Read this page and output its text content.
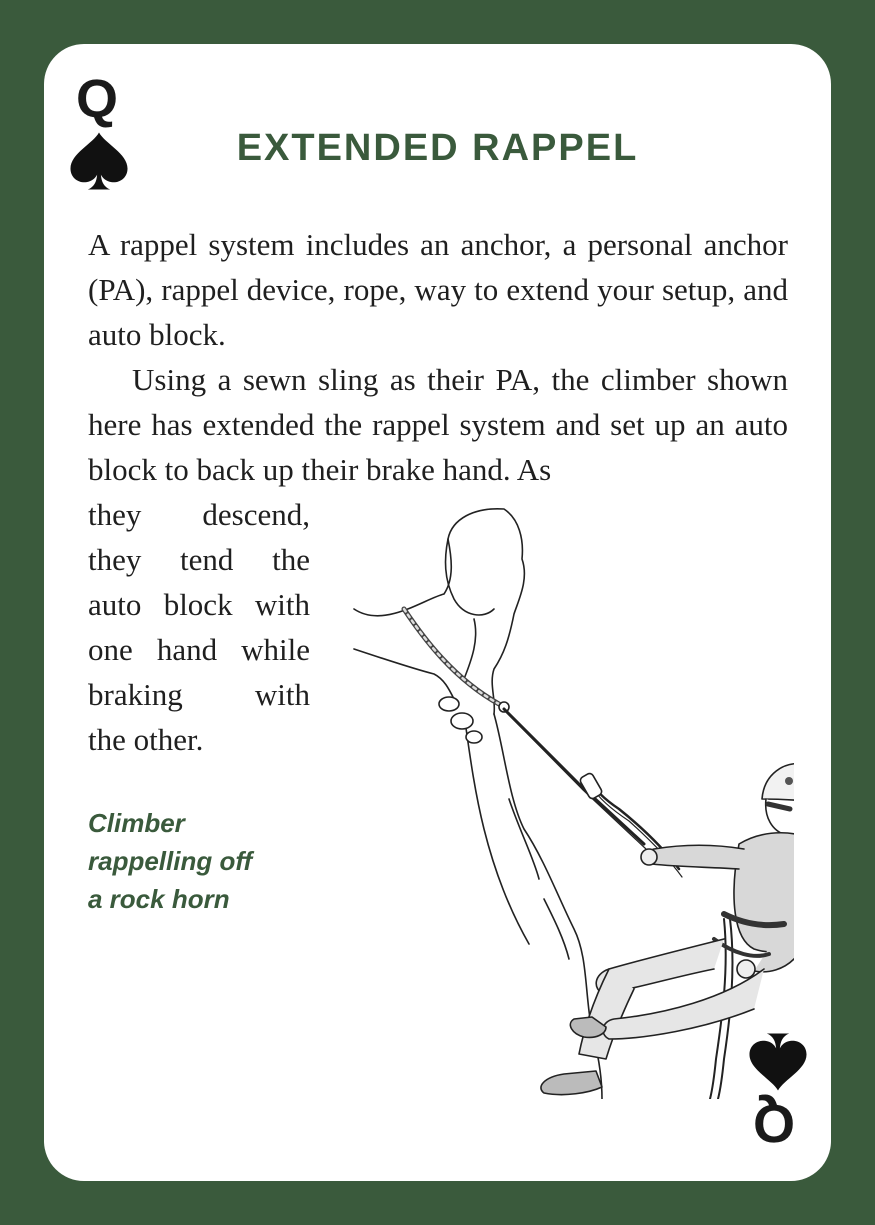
Q
EXTENDED RAPPEL

A rappel system includes an anchor, a personal anchor (PA), rappel device, rope, way to extend your setup, and auto block.

Using a sewn sling as their PA, the climber shown here has extended the rappel system and set up an auto block to back up their brake hand. As

they descend,
they tend the
auto block with
one hand while
braking with
the other.
Climber
rappelling off
a rock horn
Q
